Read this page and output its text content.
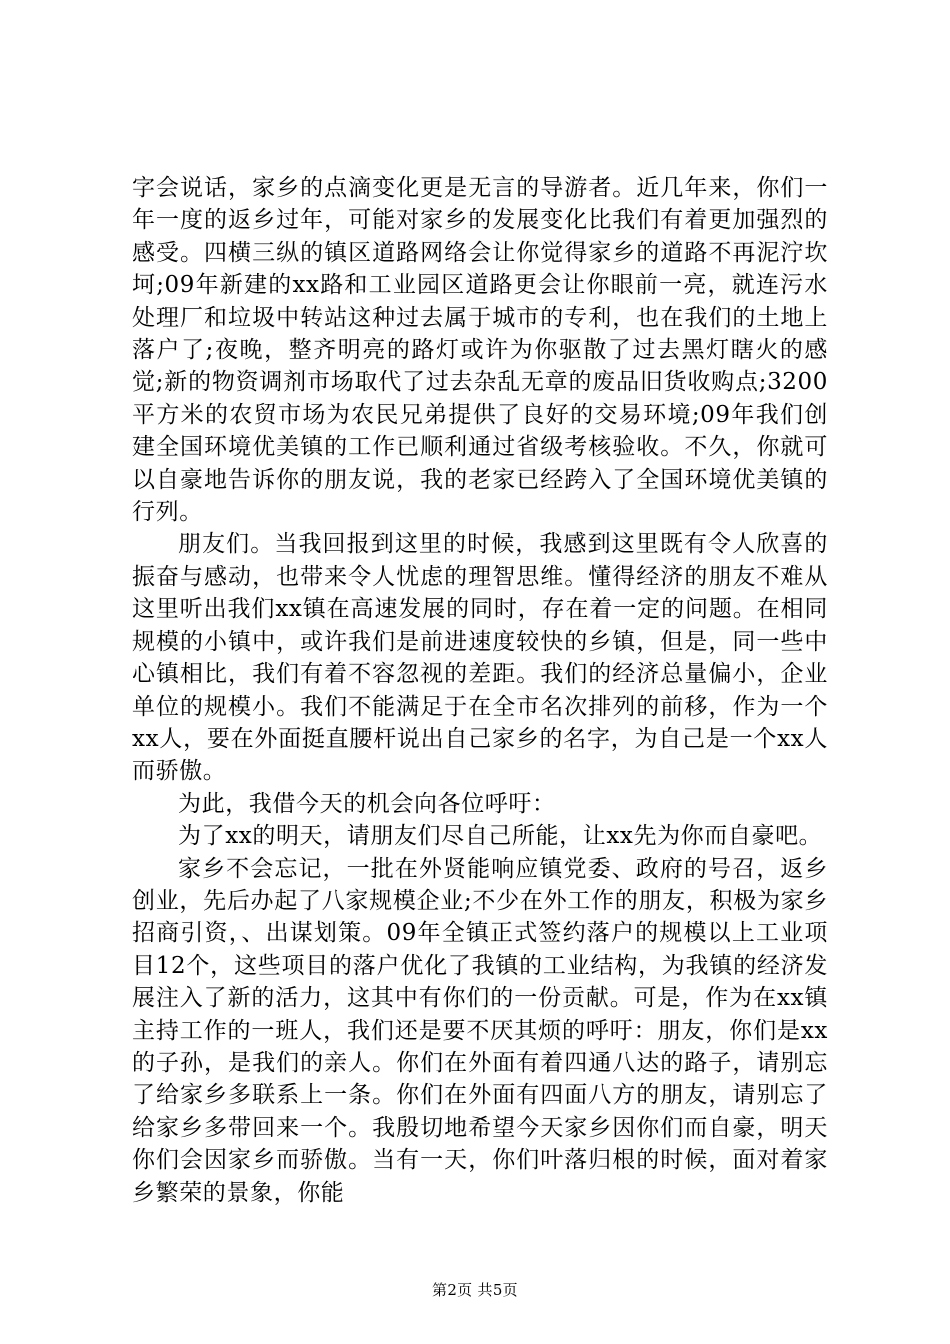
字会说话，家乡的点滴变化更是无言的导游者。近几年来，你们一年一度的返乡过年，可能对家乡的发展变化比我们有着更加强烈的感受。四横三纵的镇区道路网络会让你觉得家乡的道路不再泥泞坎坷;09年新建的xx路和工业园区道路更会让你眼前一亮，就连污水处理厂和垃圾中转站这种过去属于城市的专利，也在我们的土地上落户了;夜晚，整齐明亮的路灯或许为你驱散了过去黑灯瞎火的感觉;新的物资调剂市场取代了过去杂乱无章的废品旧货收购点;3200平方米的农贸市场为农民兄弟提供了良好的交易环境;09年我们创建全国环境优美镇的工作已顺利通过省级考核验收。不久，你就可以自豪地告诉你的朋友说，我的老家已经跨入了全国环境优美镇的行列。

朋友们。当我回报到这里的时候，我感到这里既有令人欣喜的振奋与感动，也带来令人忧虑的理智思维。懂得经济的朋友不难从这里听出我们xx镇在高速发展的同时，存在着一定的问题。在相同规模的小镇中，或许我们是前进速度较快的乡镇，但是，同一些中心镇相比，我们有着不容忽视的差距。我们的经济总量偏小，企业单位的规模小。我们不能满足于在全市名次排列的前移，作为一个xx人，要在外面挺直腰杆说出自己家乡的名字，为自己是一个xx人而骄傲。

为此，我借今天的机会向各位呼吁：

为了xx的明天，请朋友们尽自己所能，让xx先为你而自豪吧。

家乡不会忘记，一批在外贤能响应镇党委、政府的号召，返乡创业，先后办起了八家规模企业;不少在外工作的朋友，积极为家乡招商引资，、出谋划策。09年全镇正式签约落户的规模以上工业项目12个，这些项目的落户优化了我镇的工业结构，为我镇的经济发展注入了新的活力，这其中有你们的一份贡献。可是，作为在xx镇主持工作的一班人，我们还是要不厌其烦的呼吁：朋友，你们是xx的子孙，是我们的亲人。你们在外面有着四通八达的路子，请别忘了给家乡多联系上一条。你们在外面有四面八方的朋友，请别忘了给家乡多带回来一个。我殷切地希望今天家乡因你们而自豪，明天你们会因家乡而骄傲。当有一天，你们叶落归根的时候，面对着家乡繁荣的景象，你能

第2页 共5页
